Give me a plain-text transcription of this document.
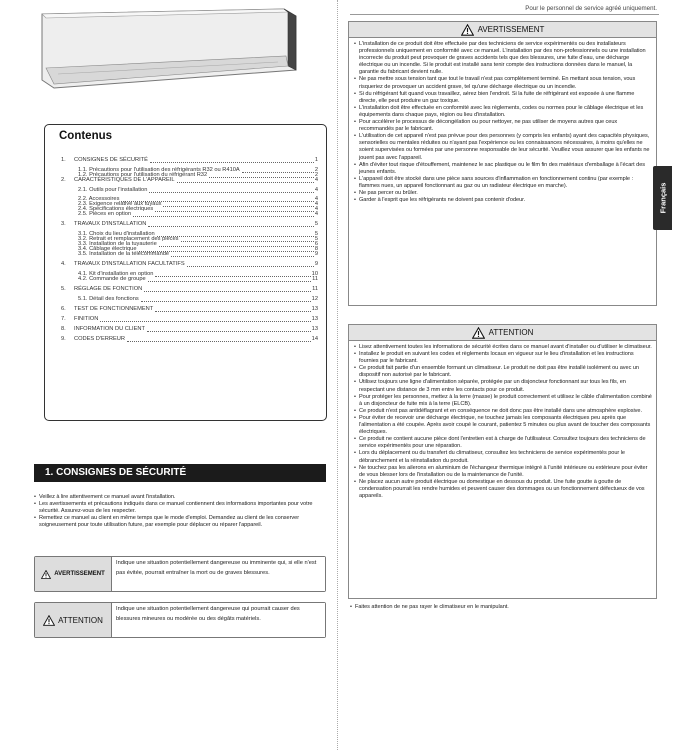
Pour le personnel de service agréé uniquement.
Contenus
1. CONSIGNES DE SÉCURITÉ	1
1.1. Précautions pour l'utilisation des réfrigérants R32 ou R410A	2
1.2. Précautions pour l'utilisation du réfrigérant R32	2
2. CARACTÉRISTIQUES DE L'APPAREIL	4
2.1. Outils pour l'installation	4
2.2. Accessoires	4
2.3. Exigence relative aux tuyaux	4
2.4. Spécifications électriques	4
2.5. Pièces en option	4
3. TRAVAUX D'INSTALLATION	5
3.1. Choix du lieu d'installation	5
3.2. Retrait et remplacement des pièces	5
3.3. Installation de la tuyauterie	6
3.4. Câblage électrique	8
3.5. Installation de la télécommande	9
4. TRAVAUX D'INSTALLATION FACULTATIFS	9
4.1. Kit d'installation en option	10
4.2. Commande de groupe	11
5. RÉGLAGE DE FONCTION	11
5.1. Détail des fonctions	12
6. TEST DE FONCTIONNEMENT	13
7. FINITION	13
8. INFORMATION DU CLIENT	13
9. CODES D'ERREUR	14
1. CONSIGNES DE SÉCURITÉ
• Veillez à lire attentivement ce manuel avant l'installation.
• Les avertissements et précautions indiqués dans ce manuel contiennent des informations importantes pour votre sécurité. Assurez-vous de les respecter.
• Remettez ce manuel au client en même temps que le mode d'emploi. Demandez au client de les conserver soigneusement pour toute utilisation future, par exemple pour déplacer ou réparer l'appareil.
AVERTISSEMENT
Indique une situation potentiellement dangereuse ou imminente qui, si elle n'est pas évitée, pourrait entraîner la mort ou de graves blessures.
ATTENTION
Indique une situation potentiellement dangereuse qui pourrait causer des blessures mineures ou modérée ou des dégâts matériels.
AVERTISSEMENT
• L'installation de ce produit doit être effectuée par des techniciens de service expérimentés ou des installateurs professionnels uniquement en conformité avec ce manuel. L'installation par des non-professionnels ou une installation incorrecte du produit peut provoquer de graves accidents tels que des blessures, une fuite d'eau, une décharge électrique ou un incendie. Si le produit est installé sans tenir compte des instructions données dans le manuel, la garantie du fabricant devient nulle.
• Ne pas mettre sous tension tant que tout le travail n'est pas complètement terminé. En mettant sous tension, vous risqueriez de provoquer un accident grave, tel qu'une décharge électrique ou un incendie.
• Si du réfrigérant fuit quand vous travaillez, aérez bien l'endroit. Si la fuite de réfrigérant est exposée à une flamme directe, elle peut produire un gaz toxique.
• L'installation doit être effectuée en conformité avec les règlements, codes ou normes pour le câblage électrique et les équipements dans chaque pays, région ou lieu d'installation.
• Pour accélérer le processus de décongélation ou pour nettoyer, ne pas utiliser de moyens autres que ceux recommandés par le fabricant.
• L'utilisation de cet appareil n'est pas prévue pour des personnes (y compris les enfants) ayant des capacités physiques, sensorielles ou mentales réduites ou n'ayant pas l'expérience ou les connaissances nécessaires, à moins qu'elles ne soient supervisées ou formées par une personne responsable de leur sécurité. Veuillez vous assurer que les enfants ne jouent pas avec l'appareil.
• Afin d'éviter tout risque d'étouffement, maintenez le sac plastique ou le film fin des matériaux d'emballage à l'écart des jeunes enfants.
• L'appareil doit être stocké dans une pièce sans sources d'inflammation en fonctionnement continu (par exemple : flammes nues, un appareil fonctionnant au gaz ou un radiateur électrique en marche).
• Ne pas percer ou brûler.
• Garder à l'esprit que les réfrigérants ne doivent pas contenir d'odeur.
ATTENTION
• Lisez attentivement toutes les informations de sécurité écrites dans ce manuel avant d'installer ou d'utiliser le climatiseur.
• Installez le produit en suivant les codes et règlements locaux en vigueur sur le lieu d'installation et les instructions fournies par le fabricant.
• Ce produit fait partie d'un ensemble formant un climatiseur. Le produit ne doit pas être installé isolément ou avec un dispositif non autorisé par le fabricant.
• Utilisez toujours une ligne d'alimentation séparée, protégée par un disjoncteur fonctionnant sur tous les fils, en respectant une distance de 3 mm entre les contacts pour ce produit.
• Pour protéger les personnes, mettez à la terre (masse) le produit correctement et utilisez le câble d'alimentation combiné à un disjoncteur de fuite mis à la terre (ELCB).
• Ce produit n'est pas antidéflagrant et en conséquence ne doit donc pas être installé dans une atmosphère explosive.
• Pour éviter de recevoir une décharge électrique, ne touchez jamais les composants électriques peu après que l'alimentation a été coupée. Après avoir coupé le courant, patientez 5 minutes ou plus avant de toucher des composants électriques.
• Ce produit ne contient aucune pièce dont l'entretien est à charge de l'utilisateur. Consultez toujours des techniciens de service expérimentés pour une réparation.
• Lors du déplacement ou du transfert du climatiseur, consultez les techniciens de service expérimentés pour le débranchement et la réinstallation du produit.
• Ne touchez pas les ailerons en aluminium de l'échangeur thermique intégré à l'unité intérieure ou extérieure pour éviter de vous blesser lors de l'installation ou de la maintenance de l'unité.
• Ne placez aucun autre produit électrique ou domestique en dessous du produit. Une fuite goutte à goutte de condensation pourrait les rendre humides et peuvent causer des dommages ou un fonctionnement défectueux de vos appareils.
• Faites attention de ne pas rayer le climatiseur en le manipulant.
Français
